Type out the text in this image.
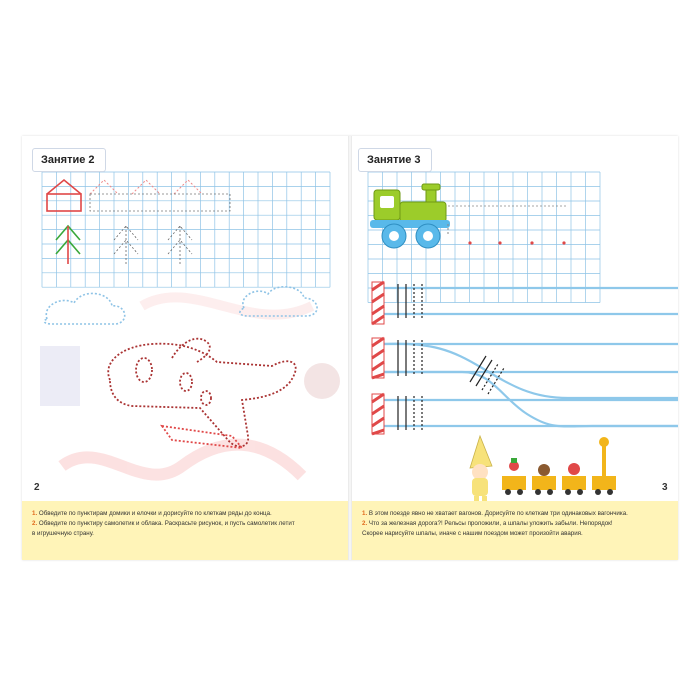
Занятие 2
2
1. Обведите по пунктирам домики и елочки и дорисуйте по клеткам ряды до конца.
2. Обведите по пунктиру самолетик и облака. Раскрасьте рисунок, и пусть самолетик летит
в игрушечную страну.
Занятие 3
3
1. В этом поезде явно не хватает вагонов. Дорисуйте по клеткам три одинаковых вагончика.
2. Что за железная дорога?! Рельсы проложили, а шпалы уложить забыли. Непорядок!
Скорее нарисуйте шпалы, иначе с нашим поездом может произойти авария.
